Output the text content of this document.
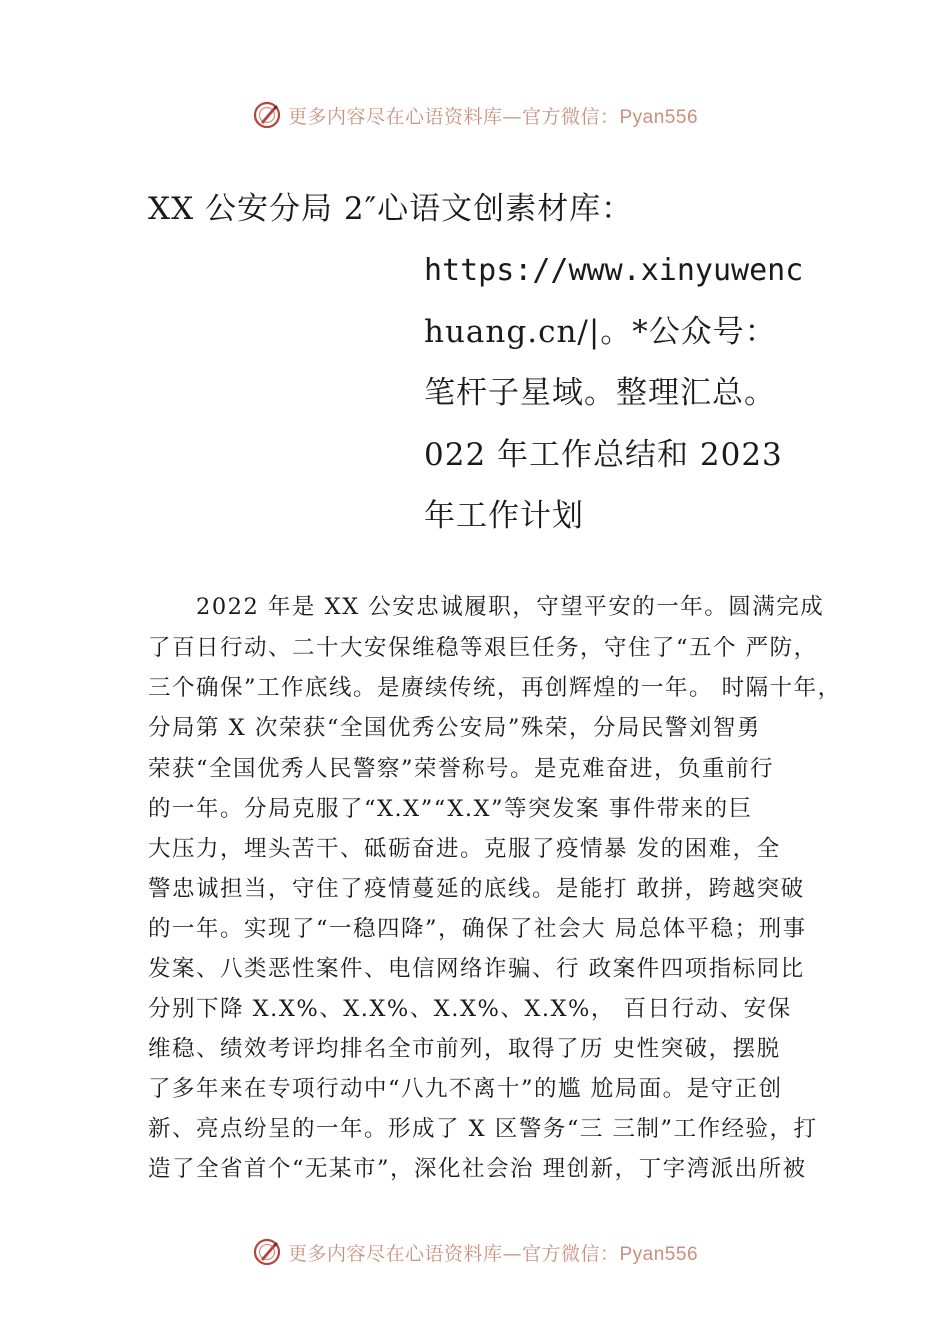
更多内容尽在心语资料库—官方微信：Pyan556
XX 公安分局 2″心语文创素材库：
https://www.xinyuwenc
huang.cn/|。*公众号：
笔杆子星域。整理汇总。
022 年工作总结和 2023
年工作计划
2022 年是 XX 公安忠诚履职，守望平安的一年。圆满完成
了百日行动、二十大安保维稳等艰巨任务，守住了“五个 严防，
三个确保”工作底线。是赓续传统，再创辉煌的一年。 时隔十年，
分局第 X 次荣获“全国优秀公安局”殊荣，分局民警刘智勇
荣获“全国优秀人民警察”荣誉称号。是克难奋进，负重前行
的一年。分局克服了“X.X”“X.X”等突发案 事件带来的巨
大压力，埋头苦干、砥砺奋进。克服了疫情暴 发的困难，全
警忠诚担当，守住了疫情蔓延的底线。是能打 敢拼，跨越突破
的一年。实现了“一稳四降”，确保了社会大 局总体平稳；刑事
发案、八类恶性案件、电信网络诈骗、行 政案件四项指标同比
分别下降 X.X%、X.X%、X.X%、X.X%， 百日行动、安保
维稳、绩效考评均排名全市前列，取得了历 史性突破，摆脱
了多年来在专项行动中“八九不离十”的尴 尬局面。是守正创
新、亮点纷呈的一年。形成了 X 区警务“三 三制”工作经验，打
造了全省首个“无某市”，深化社会治 理创新，丁字湾派出所被
更多内容尽在心语资料库—官方微信：Pyan556
